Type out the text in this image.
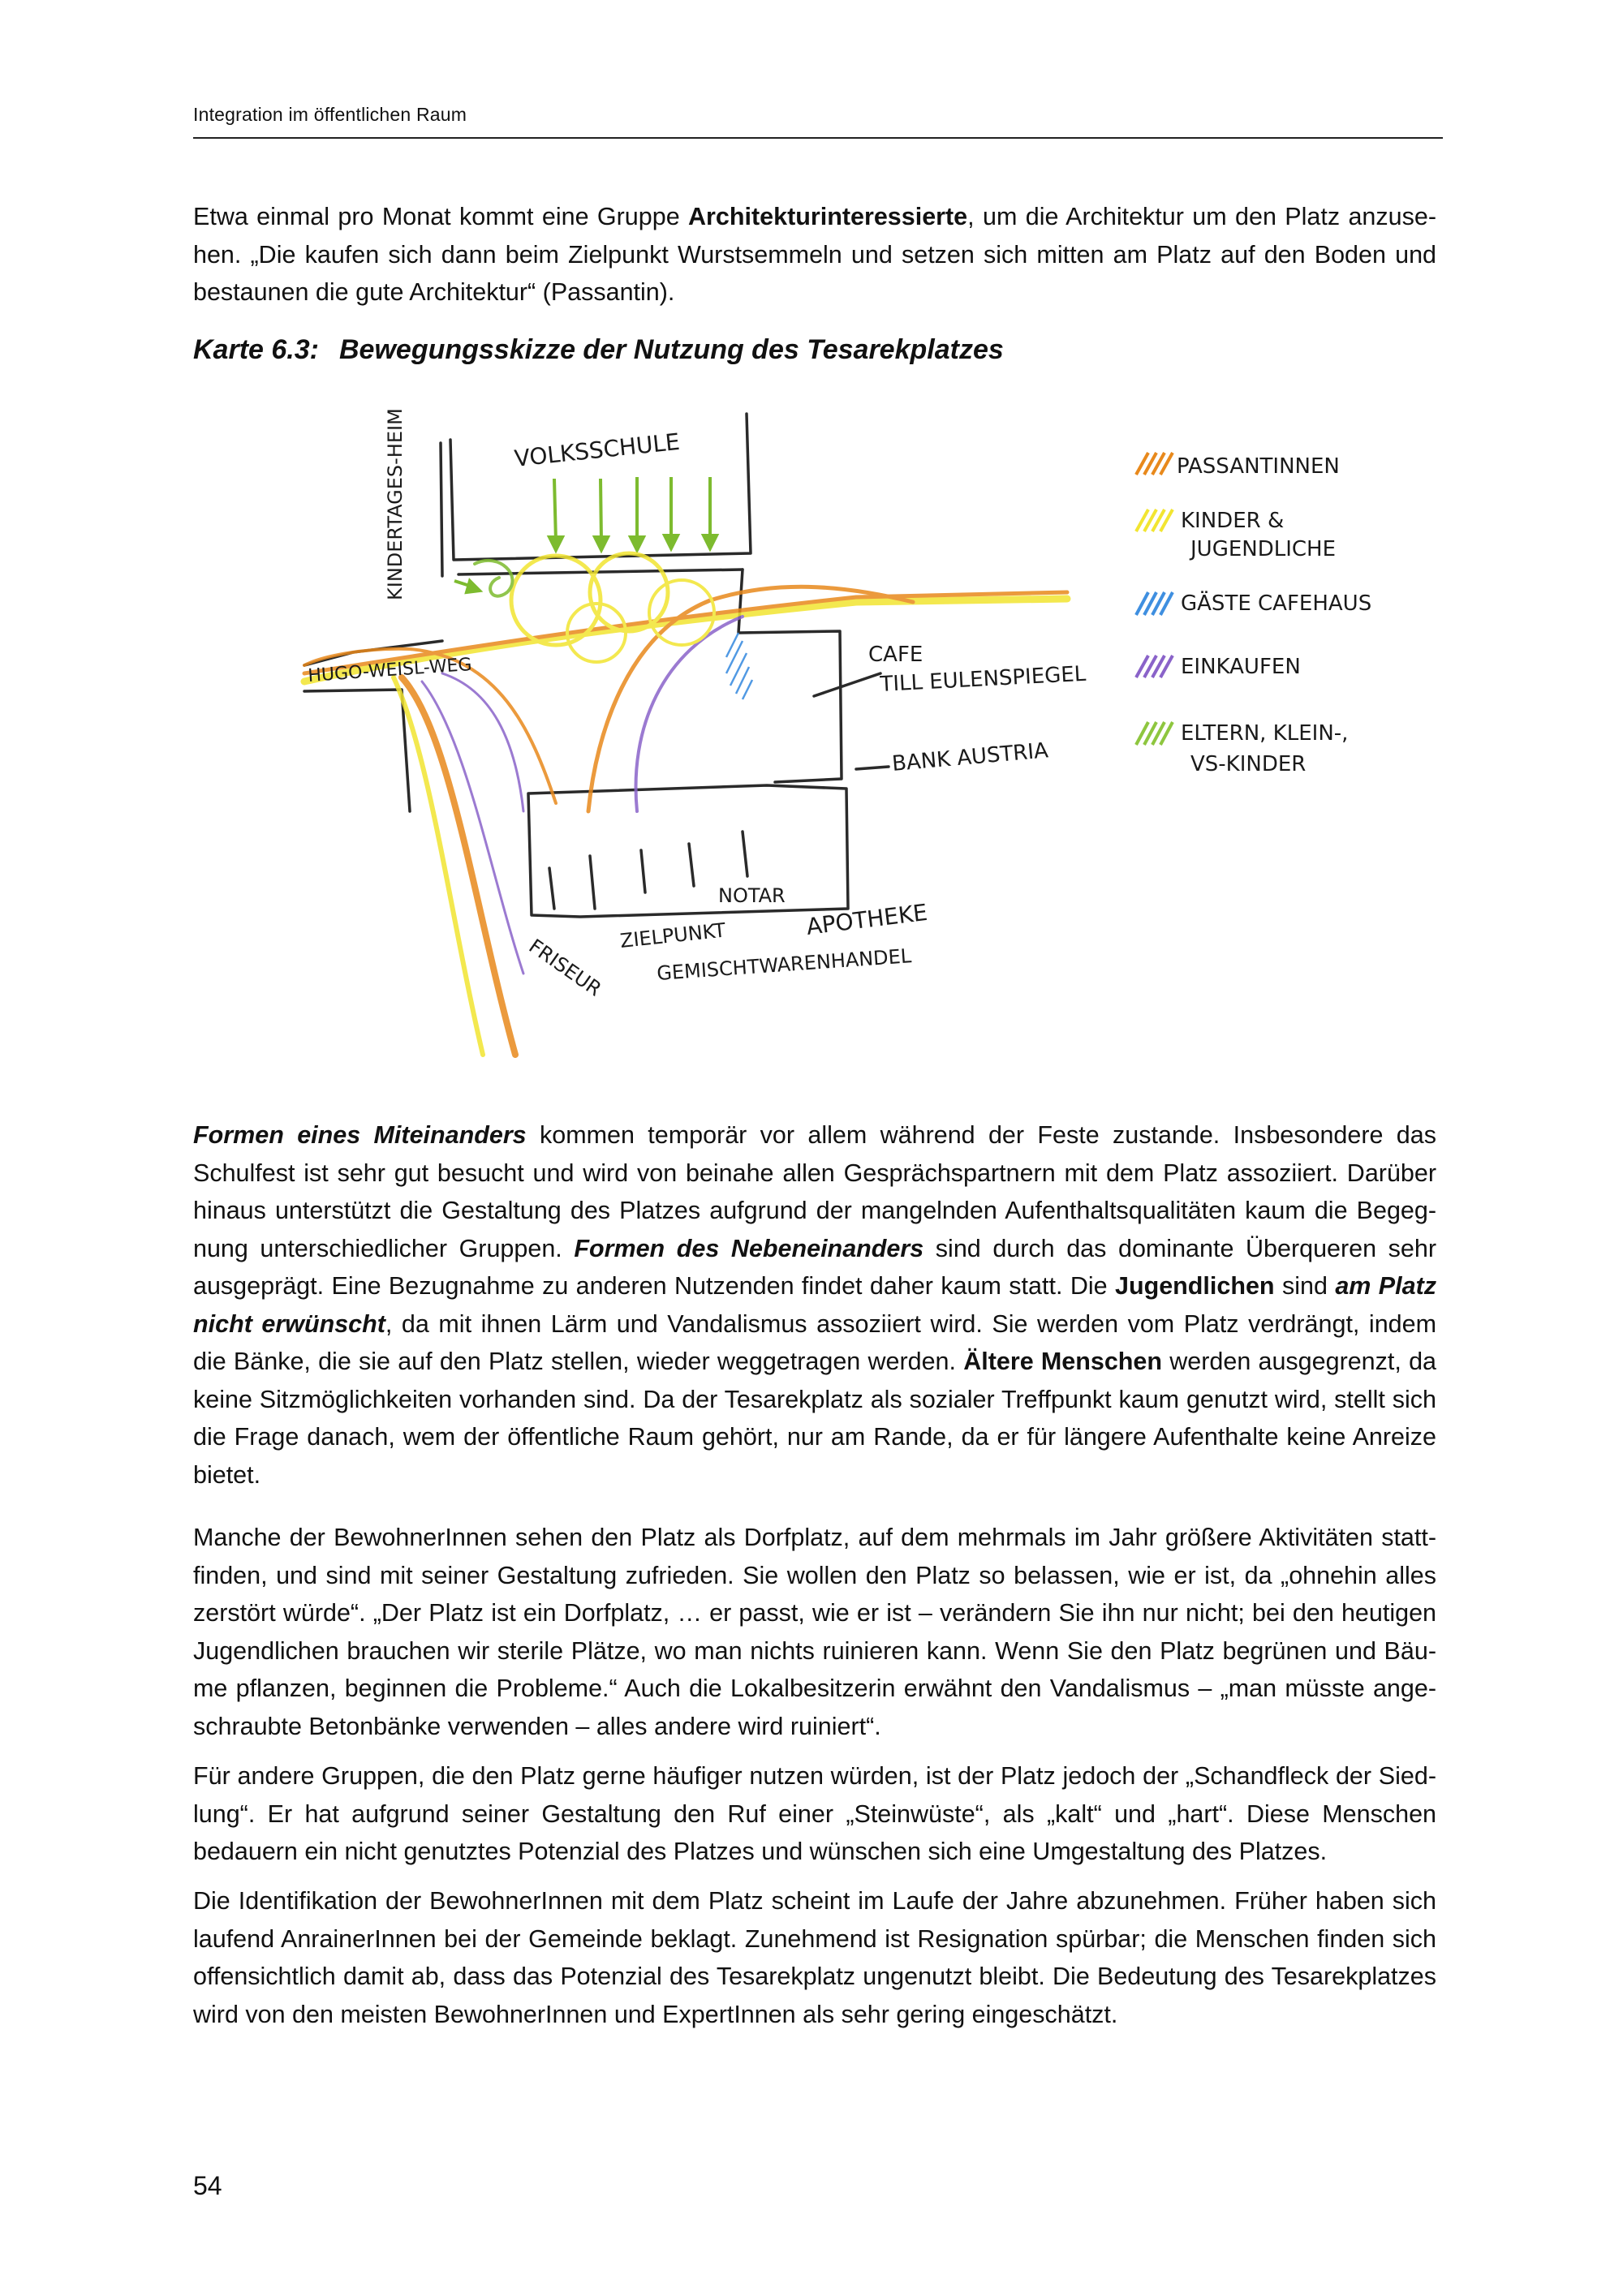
Integration im öffentlichen Raum

Etwa einmal pro Monat kommt eine Gruppe Architekturinteressierte, um die Architektur um den Platz anzusehen. „Die kaufen sich dann beim Zielpunkt Wurstsemmeln und setzen sich mitten am Platz auf den Boden und bestaunen die gute Architektur“ (Passantin).

Karte 6.3: Bewegungsskizze der Nutzung des Tesarekplatzes
VOLKSSCHULE
KINDERTAGES-HEIM
HUGO-WEISL-WEG	CAFE
TILL EULENSPIEGEL
BANK AUSTRIA
NOTAR
ZIELPUNKT	APOTHEKE
GEMISCHTWARENHANDEL
FRISEUR
PASSANTINNEN
KINDER &
JUGENDLICHE
GÄSTE CAFEHAUS
EINKAUFEN
ELTERN, KLEIN-,
VS-KINDER

Formen eines Miteinanders kommen temporär vor allem während der Feste zustande. Insbesondere das Schulfest ist sehr gut besucht und wird von beinahe allen Gesprächspartnern mit dem Platz assoziiert. Darüber hinaus unterstützt die Gestaltung des Platzes aufgrund der mangelnden Aufenthaltsqualitäten kaum die Begegnung unterschiedlicher Gruppen. Formen des Nebeneinanders sind durch das dominante Überqueren sehr ausgeprägt. Eine Bezugnahme zu anderen Nutzenden findet daher kaum statt. Die Jugendlichen sind am Platz nicht erwünscht, da mit ihnen Lärm und Vandalismus assoziiert wird. Sie werden vom Platz verdrängt, indem die Bänke, die sie auf den Platz stellen, wieder weggetragen werden. Ältere Menschen werden ausgegrenzt, da keine Sitzmöglichkeiten vorhanden sind. Da der Tesarekplatz als sozialer Treffpunkt kaum genutzt wird, stellt sich die Frage danach, wem der öffentliche Raum gehört, nur am Rande, da er für längere Aufenthalte keine Anreize bietet.

Manche der BewohnerInnen sehen den Platz als Dorfplatz, auf dem mehrmals im Jahr größere Aktivitäten stattfinden, und sind mit seiner Gestaltung zufrieden. Sie wollen den Platz so belassen, wie er ist, da „ohnehin alles zerstört würde“. „Der Platz ist ein Dorfplatz, … er passt, wie er ist – verändern Sie ihn nur nicht; bei den heutigen Jugendlichen brauchen wir sterile Plätze, wo man nichts ruinieren kann. Wenn Sie den Platz begrünen und Bäume pflanzen, beginnen die Probleme.“ Auch die Lokalbesitzerin erwähnt den Vandalismus – „man müsste angeschraubte Betonbänke verwenden – alles andere wird ruiniert“.

Für andere Gruppen, die den Platz gerne häufiger nutzen würden, ist der Platz jedoch der „Schandfleck der Siedlung“. Er hat aufgrund seiner Gestaltung den Ruf einer „Steinwüste“, als „kalt“ und „hart“. Diese Menschen bedauern ein nicht genutztes Potenzial des Platzes und wünschen sich eine Umgestaltung des Platzes.

Die Identifikation der BewohnerInnen mit dem Platz scheint im Laufe der Jahre abzunehmen. Früher haben sich laufend AnrainerInnen bei der Gemeinde beklagt. Zunehmend ist Resignation spürbar; die Menschen finden sich offensichtlich damit ab, dass das Potenzial des Tesarekplatz ungenutzt bleibt. Die Bedeutung des Tesarekplatzes wird von den meisten BewohnerInnen und ExpertInnen als sehr gering eingeschätzt.

54
